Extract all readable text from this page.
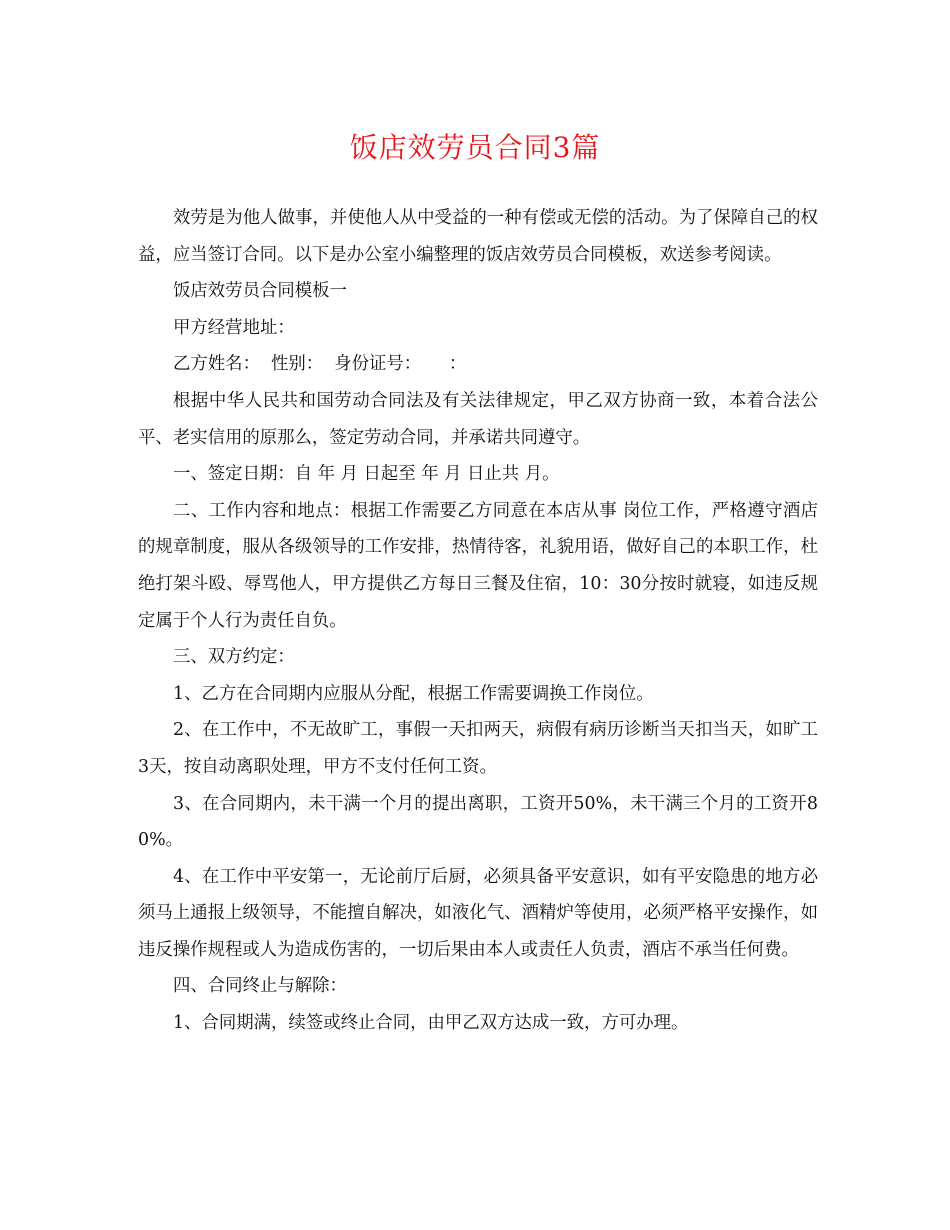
饭店效劳员合同3篇

效劳是为他人做事，并使他人从中受益的一种有偿或无偿的活动。为了保障自己的权益，应当签订合同。以下是办公室小编整理的饭店效劳员合同模板，欢送参考阅读。

饭店效劳员合同模板一

甲方经营地址：

乙方姓名：  性别：  身份证号：     ：

根据中华人民共和国劳动合同法及有关法律规定，甲乙双方协商一致，本着合法公平、老实信用的原那么，签定劳动合同，并承诺共同遵守。

一、签定日期：自 年 月 日起至 年 月 日止共 月。

二、工作内容和地点：根据工作需要乙方同意在本店从事 岗位工作，严格遵守酒店的规章制度，服从各级领导的工作安排，热情待客，礼貌用语，做好自己的本职工作，杜绝打架斗殴、辱骂他人，甲方提供乙方每日三餐及住宿，10：30分按时就寝，如违反规定属于个人行为责任自负。

三、双方约定：

1、乙方在合同期内应服从分配，根据工作需要调换工作岗位。

2、在工作中，不无故旷工，事假一天扣两天，病假有病历诊断当天扣当天，如旷工3天，按自动离职处理，甲方不支付任何工资。

3、在合同期内，未干满一个月的提出离职，工资开50%，未干满三个月的工资开80%。

4、在工作中平安第一，无论前厅后厨，必须具备平安意识，如有平安隐患的地方必须马上通报上级领导，不能擅自解决，如液化气、酒精炉等使用，必须严格平安操作，如违反操作规程或人为造成伤害的，一切后果由本人或责任人负责，酒店不承当任何费。

四、合同终止与解除：

1、合同期满，续签或终止合同，由甲乙双方达成一致，方可办理。
